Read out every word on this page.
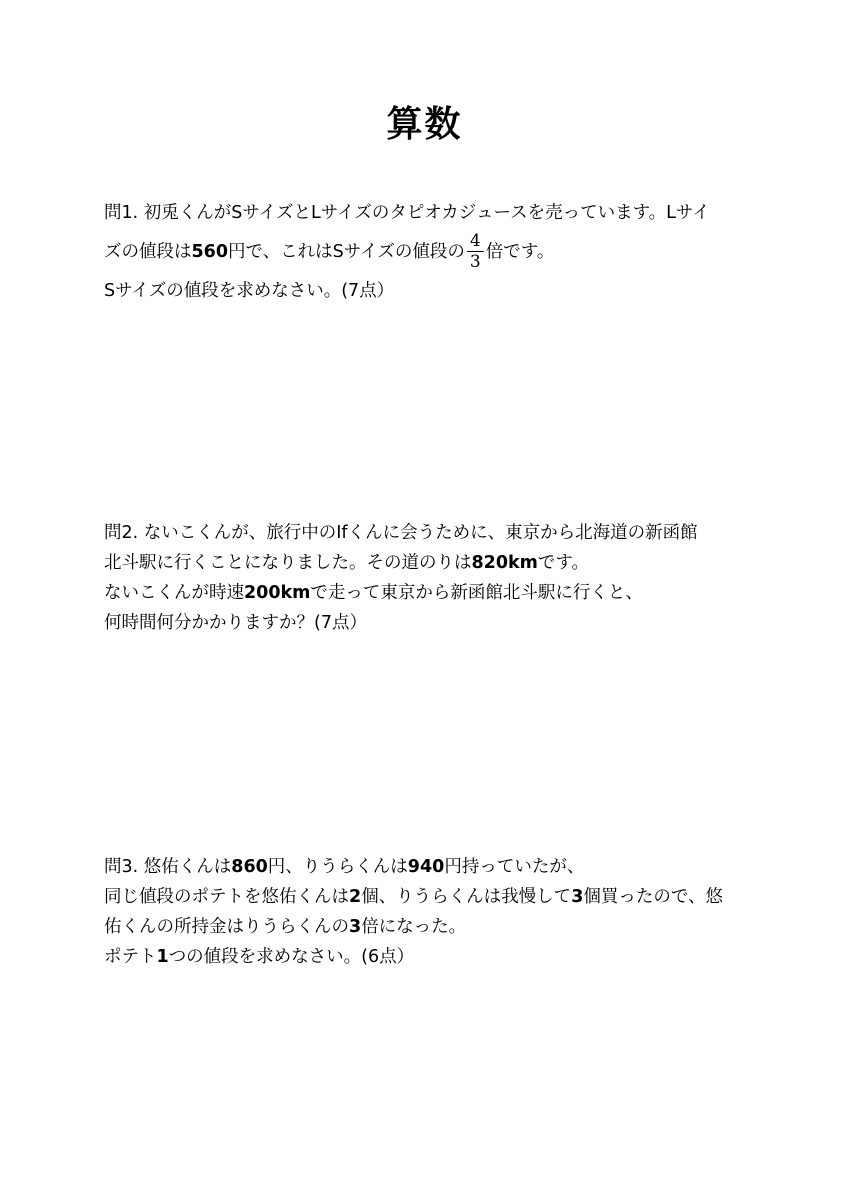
算数
問1. 初兎くんがSサイズとLサイズのタピオカジュースを売っています。Lサイ
ズの値段は560円で、これはSサイズの値段の $\frac{4}{3}$ 倍です。
Sサイズの値段を求めなさい。(7点）
問2. ないこくんが、旅行中のIfくんに会うために、東京から北海道の新函館
北斗駅に行くことになりました。その道のりは820kmです。
ないこくんが時速200kmで走って東京から新函館北斗駅に行くと、
何時間何分かかりますか？(7点）
問3. 悠佑くんは860円、りうらくんは940円持っていたが、
同じ値段のポテトを悠佑くんは2個、りうらくんは我慢して3個買ったので、悠
佑くんの所持金はりうらくんの3倍になった。
ポテト1つの値段を求めなさい。(6点）
